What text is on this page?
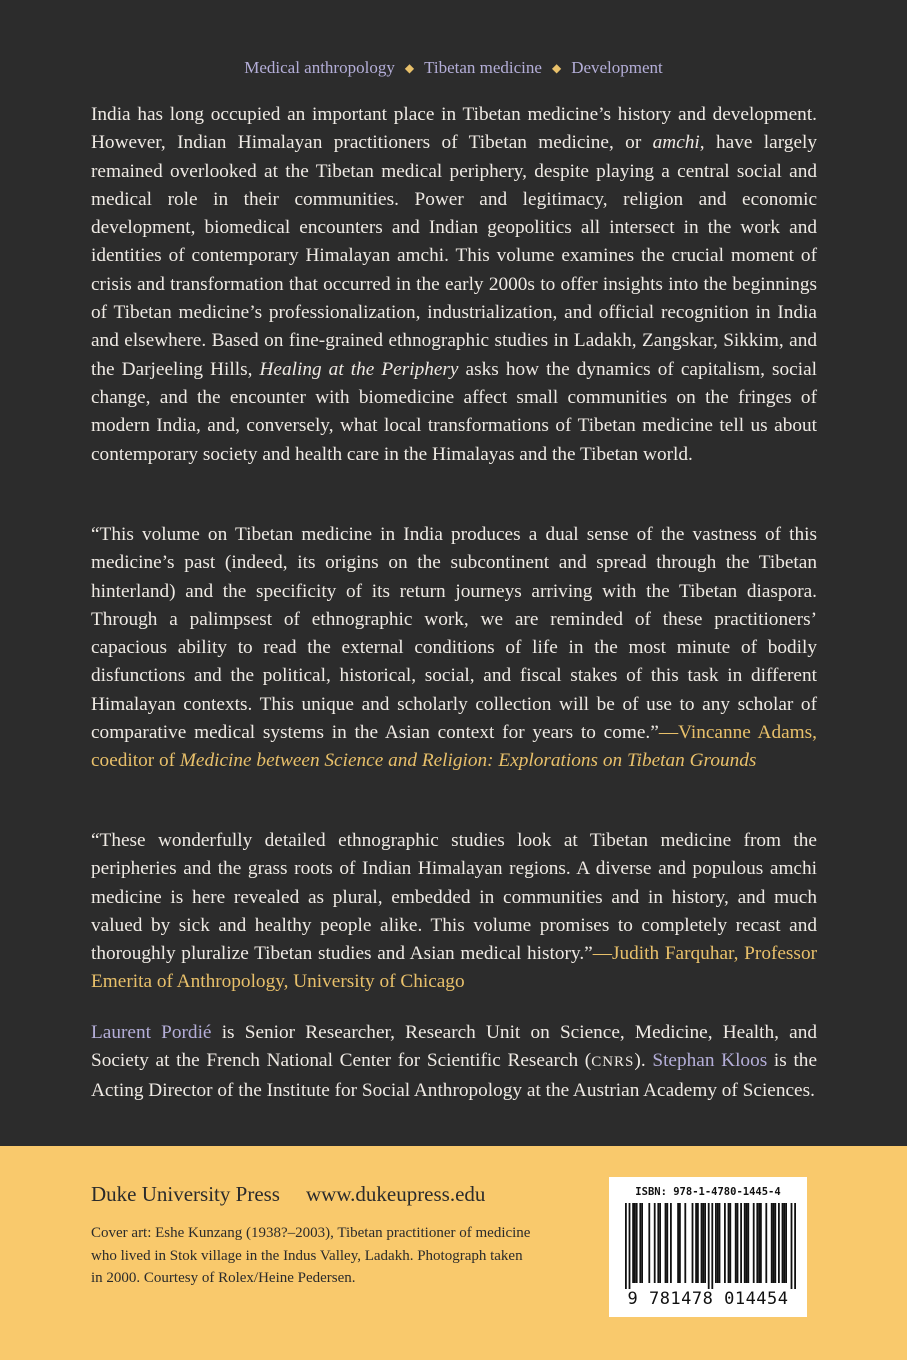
Medical anthropology ◆ Tibetan medicine ◆ Development

India has long occupied an important place in Tibetan medicine’s history and development. However, Indian Himalayan practitioners of Tibetan medicine, or amchi, have largely remained overlooked at the Tibetan medical periphery, despite playing a central social and medical role in their communities. Power and legitimacy, religion and economic development, biomedical encounters and Indian geopolitics all intersect in the work and identities of contemporary Himalayan amchi. This volume examines the crucial moment of crisis and transformation that occurred in the early 2000s to offer insights into the beginnings of Tibetan medicine’s professionalization, industrialization, and official recognition in India and elsewhere. Based on fine-grained ethnographic studies in Ladakh, Zangskar, Sikkim, and the Darjeeling Hills, Healing at the Periphery asks how the dynamics of capitalism, social change, and the encounter with biomedicine affect small communities on the fringes of modern India, and, conversely, what local transformations of Tibetan medicine tell us about contemporary society and health care in the Himalayas and the Tibetan world.

“This volume on Tibetan medicine in India produces a dual sense of the vastness of this medicine’s past (indeed, its origins on the subcontinent and spread through the Tibetan hinterland) and the specificity of its return journeys arriving with the Tibetan diaspora. Through a palimpsest of ethnographic work, we are reminded of these practitioners’ capacious ability to read the external conditions of life in the most minute of bodily disfunctions and the political, historical, social, and fiscal stakes of this task in different Himalayan contexts. This unique and scholarly collection will be of use to any scholar of comparative medical systems in the Asian context for years to come.”—Vincanne Adams, coeditor of Medicine between Science and Religion: Explorations on Tibetan Grounds

“These wonderfully detailed ethnographic studies look at Tibetan medicine from the peripheries and the grass roots of Indian Himalayan regions. A diverse and populous amchi medicine is here revealed as plural, embedded in communities and in history, and much valued by sick and healthy people alike. This volume promises to completely recast and thoroughly pluralize Tibetan studies and Asian medical history.”—Judith Farquhar, Professor Emerita of Anthropology, University of Chicago

Laurent Pordié is Senior Researcher, Research Unit on Science, Medicine, Health, and Society at the French National Center for Scientific Research (CNRS). Stephan Kloos is the Acting Director of the Institute for Social Anthropology at the Austrian Academy of Sciences.

Duke University Press www.dukeupress.edu

Cover art: Eshe Kunzang (1938?–2003), Tibetan practitioner of medicine who lived in Stok village in the Indus Valley, Ladakh. Photograph taken in 2000. Courtesy of Rolex/Heine Pedersen.

ISBN: 978-1-4780-1445-4
9 781478 014454
